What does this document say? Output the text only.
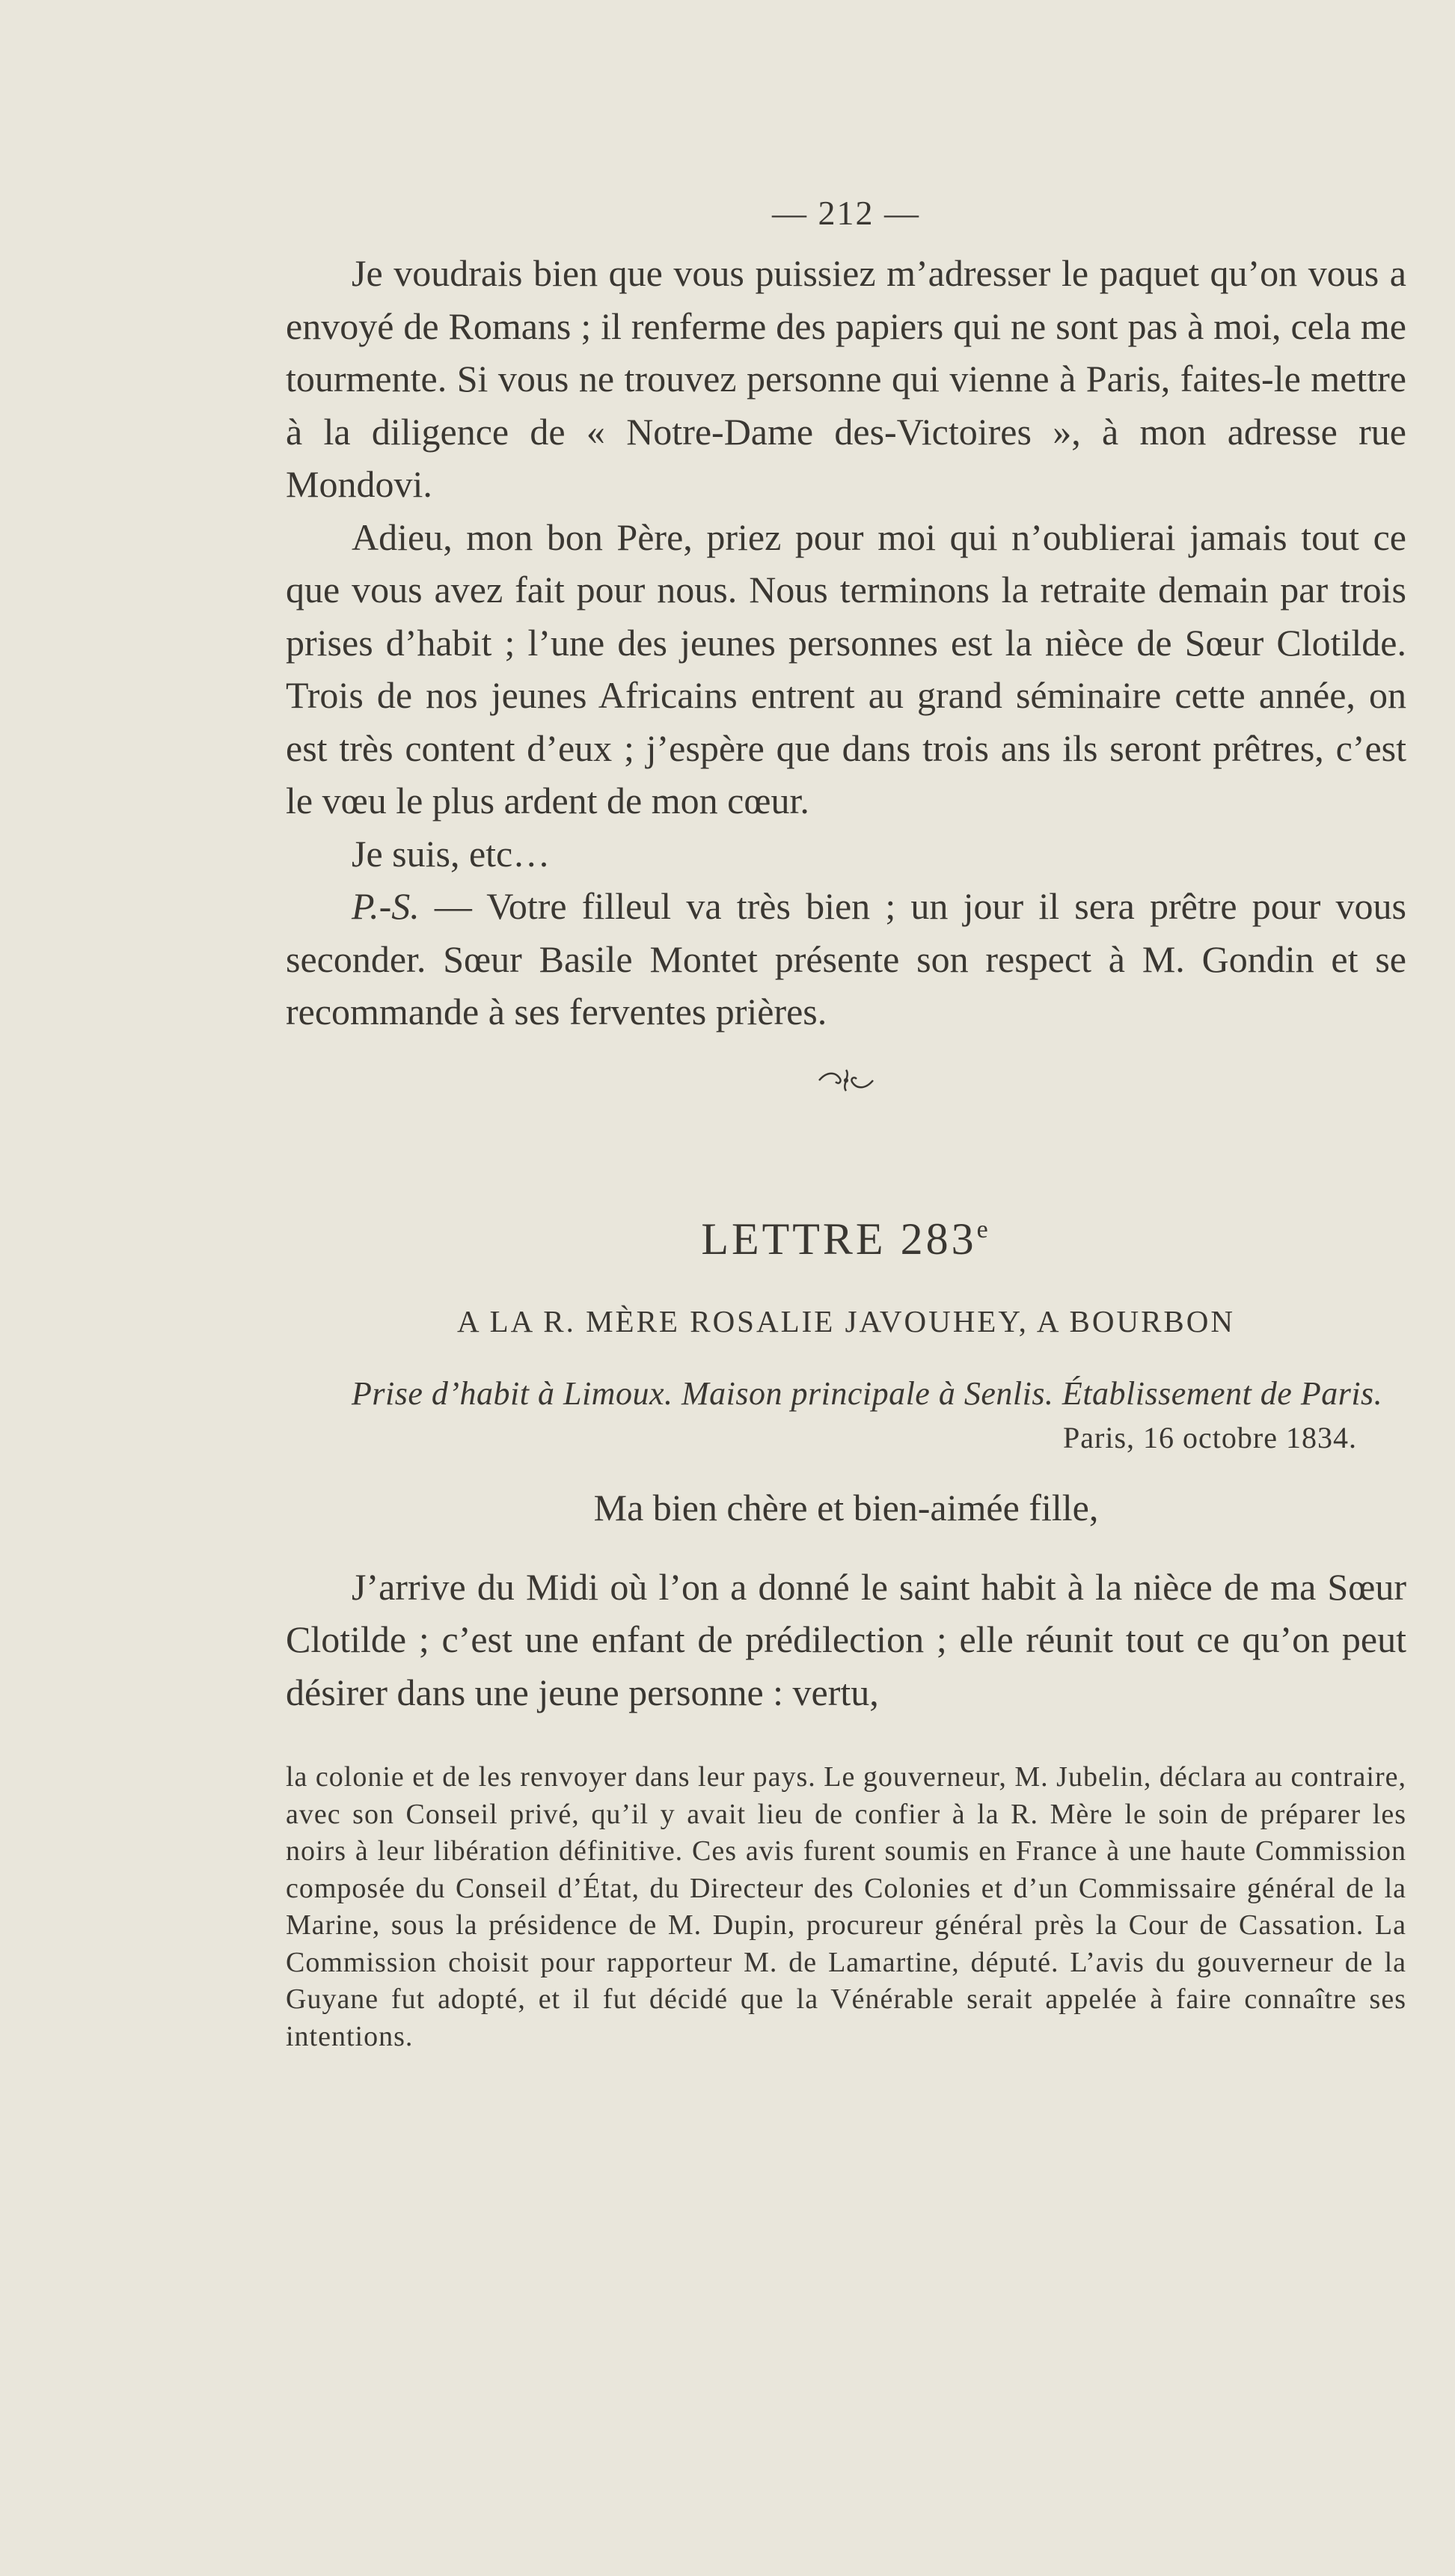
— 212 —

Je voudrais bien que vous puissiez m’adresser le paquet qu’on vous a envoyé de Romans ; il renferme des papiers qui ne sont pas à moi, cela me tourmente. Si vous ne trouvez personne qui vienne à Paris, faites-le mettre à la diligence de « Notre-Dame des-Victoires », à mon adresse rue Mondovi.

Adieu, mon bon Père, priez pour moi qui n’oublierai jamais tout ce que vous avez fait pour nous. Nous terminons la retraite demain par trois prises d’habit ; l’une des jeunes personnes est la nièce de Sœur Clotilde. Trois de nos jeunes Africains entrent au grand séminaire cette année, on est très content d’eux ; j’espère que dans trois ans ils seront prêtres, c’est le vœu le plus ardent de mon cœur.

Je suis, etc…

P.-S. — Votre filleul va très bien ; un jour il sera prêtre pour vous seconder. Sœur Basile Montet présente son respect à M. Gondin et se recommande à ses ferventes prières.

LETTRE 283e
A LA R. MÈRE ROSALIE JAVOUHEY, A BOURBON

Prise d’habit à Limoux. Maison principale à Senlis. Établissement de Paris.

Paris, 16 octobre 1834.
Ma bien chère et bien-aimée fille,

J’arrive du Midi où l’on a donné le saint habit à la nièce de ma Sœur Clotilde ; c’est une enfant de prédilection ; elle réunit tout ce qu’on peut désirer dans une jeune personne : vertu,

la colonie et de les renvoyer dans leur pays. Le gouverneur, M. Jubelin, déclara au contraire, avec son Conseil privé, qu’il y avait lieu de confier à la R. Mère le soin de préparer les noirs à leur libération définitive. Ces avis furent soumis en France à une haute Commission composée du Conseil d’État, du Directeur des Colonies et d’un Commissaire général de la Marine, sous la présidence de M. Dupin, procureur général près la Cour de Cassation. La Commission choisit pour rapporteur M. de Lamartine, député. L’avis du gouverneur de la Guyane fut adopté, et il fut décidé que la Vénérable serait appelée à faire connaître ses intentions.
